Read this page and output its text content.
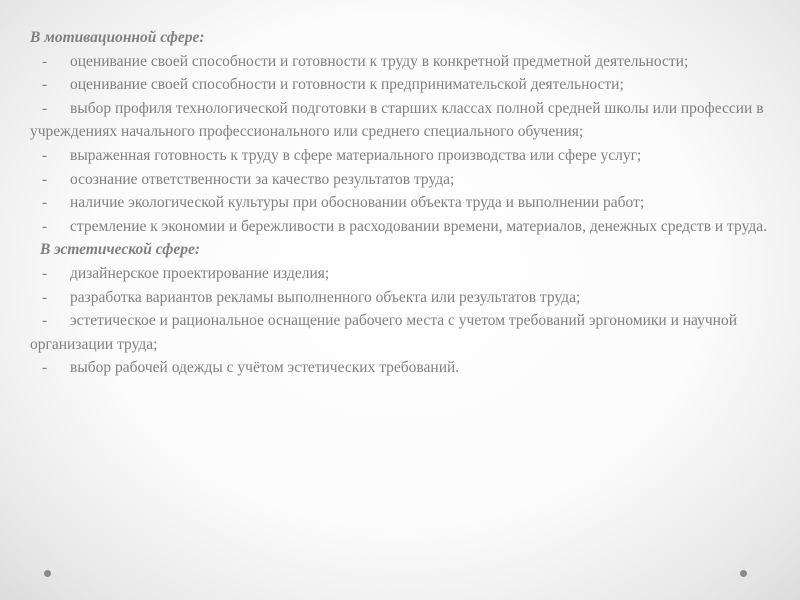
В мотивационной сфере:

- оценивание своей способности и готовности к труду в конкретной предметной деятельности;

- оценивание своей способности и готовности к предпринимательской деятельности;

- выбор профиля технологической подготовки в старших классах полной средней школы или профессии в учреждениях начального профессионального или среднего специального обучения;

- выраженная готовность к труду в сфере материального производства или сфере услуг;

- осознание ответственности за качество результатов труда;

- наличие экологической культуры при обосновании объекта труда и выполнении работ;

- стремление к экономии и бережливости в расходовании времени, материалов, денежных средств и труда.

В эстетической сфере:

- дизайнерское проектирование изделия;

- разработка вариантов рекламы выполненного объекта или результатов труда;

- эстетическое и рациональное оснащение рабочего места с учетом требований эргономики и научной организации труда;

- выбор рабочей одежды с учётом эстетических требований.
